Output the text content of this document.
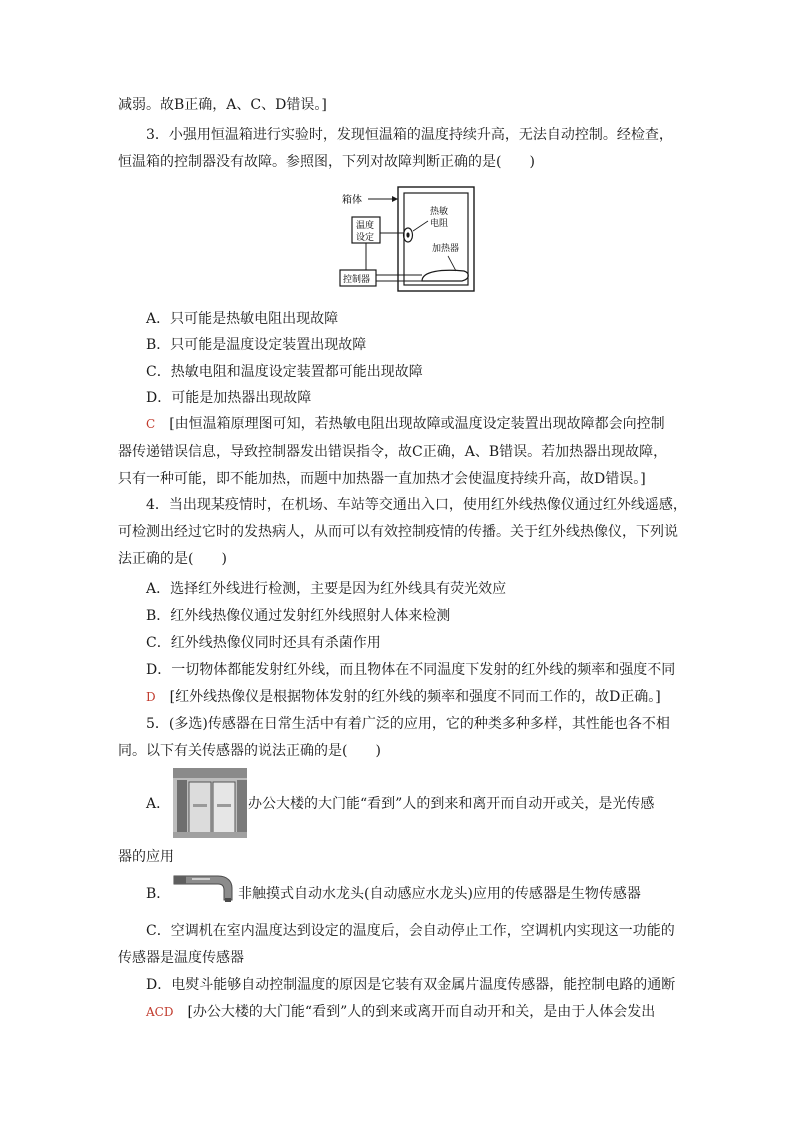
减弱。故B正确，A、C、D错误。]
3．小强用恒温箱进行实验时，发现恒温箱的温度持续升高，无法自动控制。经检查，
恒温箱的控制器没有故障。参照图，下列对故障判断正确的是(　　)
箱体
温度
设定
热敏
电阻
加热器
控制器
A．只可能是热敏电阻出现故障
B．只可能是温度设定装置出现故障
C．热敏电阻和温度设定装置都可能出现故障
D．可能是加热器出现故障
C [由恒温箱原理图可知，若热敏电阻出现故障或温度设定装置出现故障都会向控制
器传递错误信息，导致控制器发出错误指令，故C正确，A、B错误。若加热器出现故障，
只有一种可能，即不能加热，而题中加热器一直加热才会使温度持续升高，故D错误。]
4．当出现某疫情时，在机场、车站等交通出入口，使用红外线热像仪通过红外线遥感，
可检测出经过它时的发热病人，从而可以有效控制疫情的传播。关于红外线热像仪，下列说
法正确的是(　　)
A．选择红外线进行检测，主要是因为红外线具有荧光效应
B．红外线热像仪通过发射红外线照射人体来检测
C．红外线热像仪同时还具有杀菌作用
D．一切物体都能发射红外线，而且物体在不同温度下发射的红外线的频率和强度不同
D [红外线热像仪是根据物体发射的红外线的频率和强度不同而工作的，故D正确。]
5．(多选)传感器在日常生活中有着广泛的应用，它的种类多种多样，其性能也各不相
同。以下有关传感器的说法正确的是(　　)
A．	办公大楼的大门能“看到”人的到来和离开而自动开或关，是光传感
器的应用
B．	非触摸式自动水龙头(自动感应水龙头)应用的传感器是生物传感器
C．空调机在室内温度达到设定的温度后，会自动停止工作，空调机内实现这一功能的
传感器是温度传感器
D．电熨斗能够自动控制温度的原因是它装有双金属片温度传感器，能控制电路的通断
ACD [办公大楼的大门能“看到”人的到来或离开而自动开和关，是由于人体会发出
